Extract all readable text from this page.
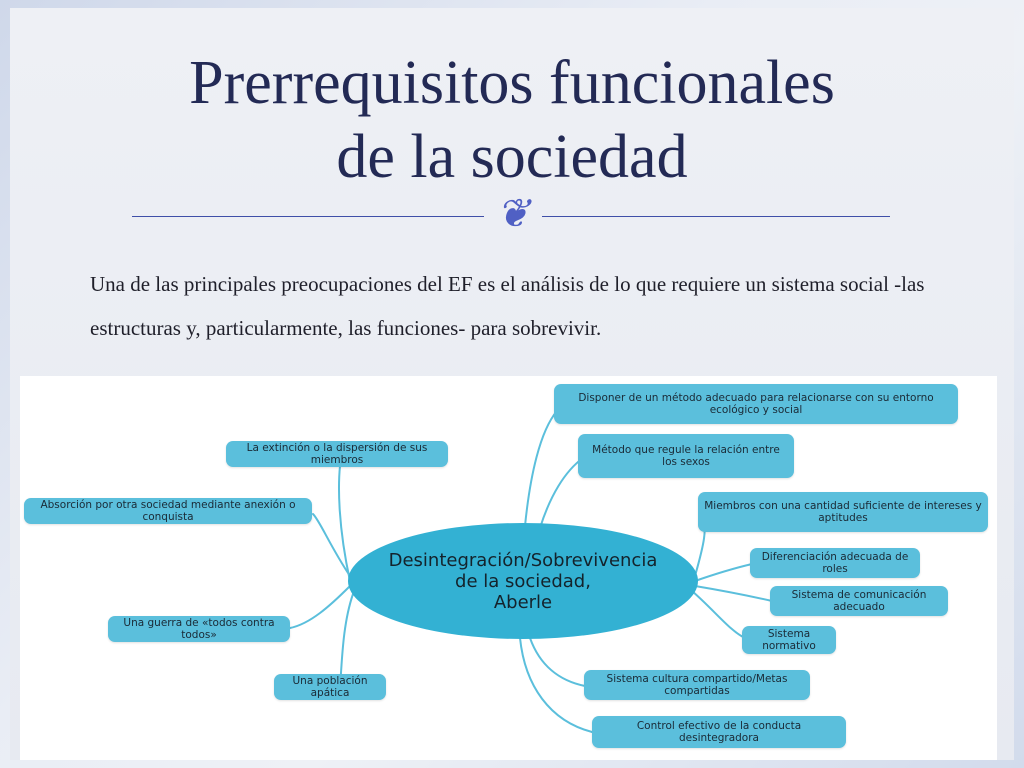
Prerrequisitos funcionales
de la sociedad
❦
Una de las principales preocupaciones del EF es el análisis de lo que requiere un sistema social -las estructuras y, particularmente, las funciones- para sobrevivir.
Desintegración/Sobrevivencia
de la sociedad,
Aberle
La extinción o la dispersión de sus miembros
Absorción por otra sociedad mediante anexión o conquista
Una guerra de «todos contra todos»
Una población apática
Disponer de un método adecuado para relacionarse con su entorno ecológico y social
Método que regule la relación entre los sexos
Miembros con una cantidad suficiente de intereses y aptitudes
Diferenciación adecuada de roles
Sistema de comunicación adecuado
Sistema normativo
Sistema cultura compartido/Metas compartidas
Control efectivo de la conducta desintegradora
